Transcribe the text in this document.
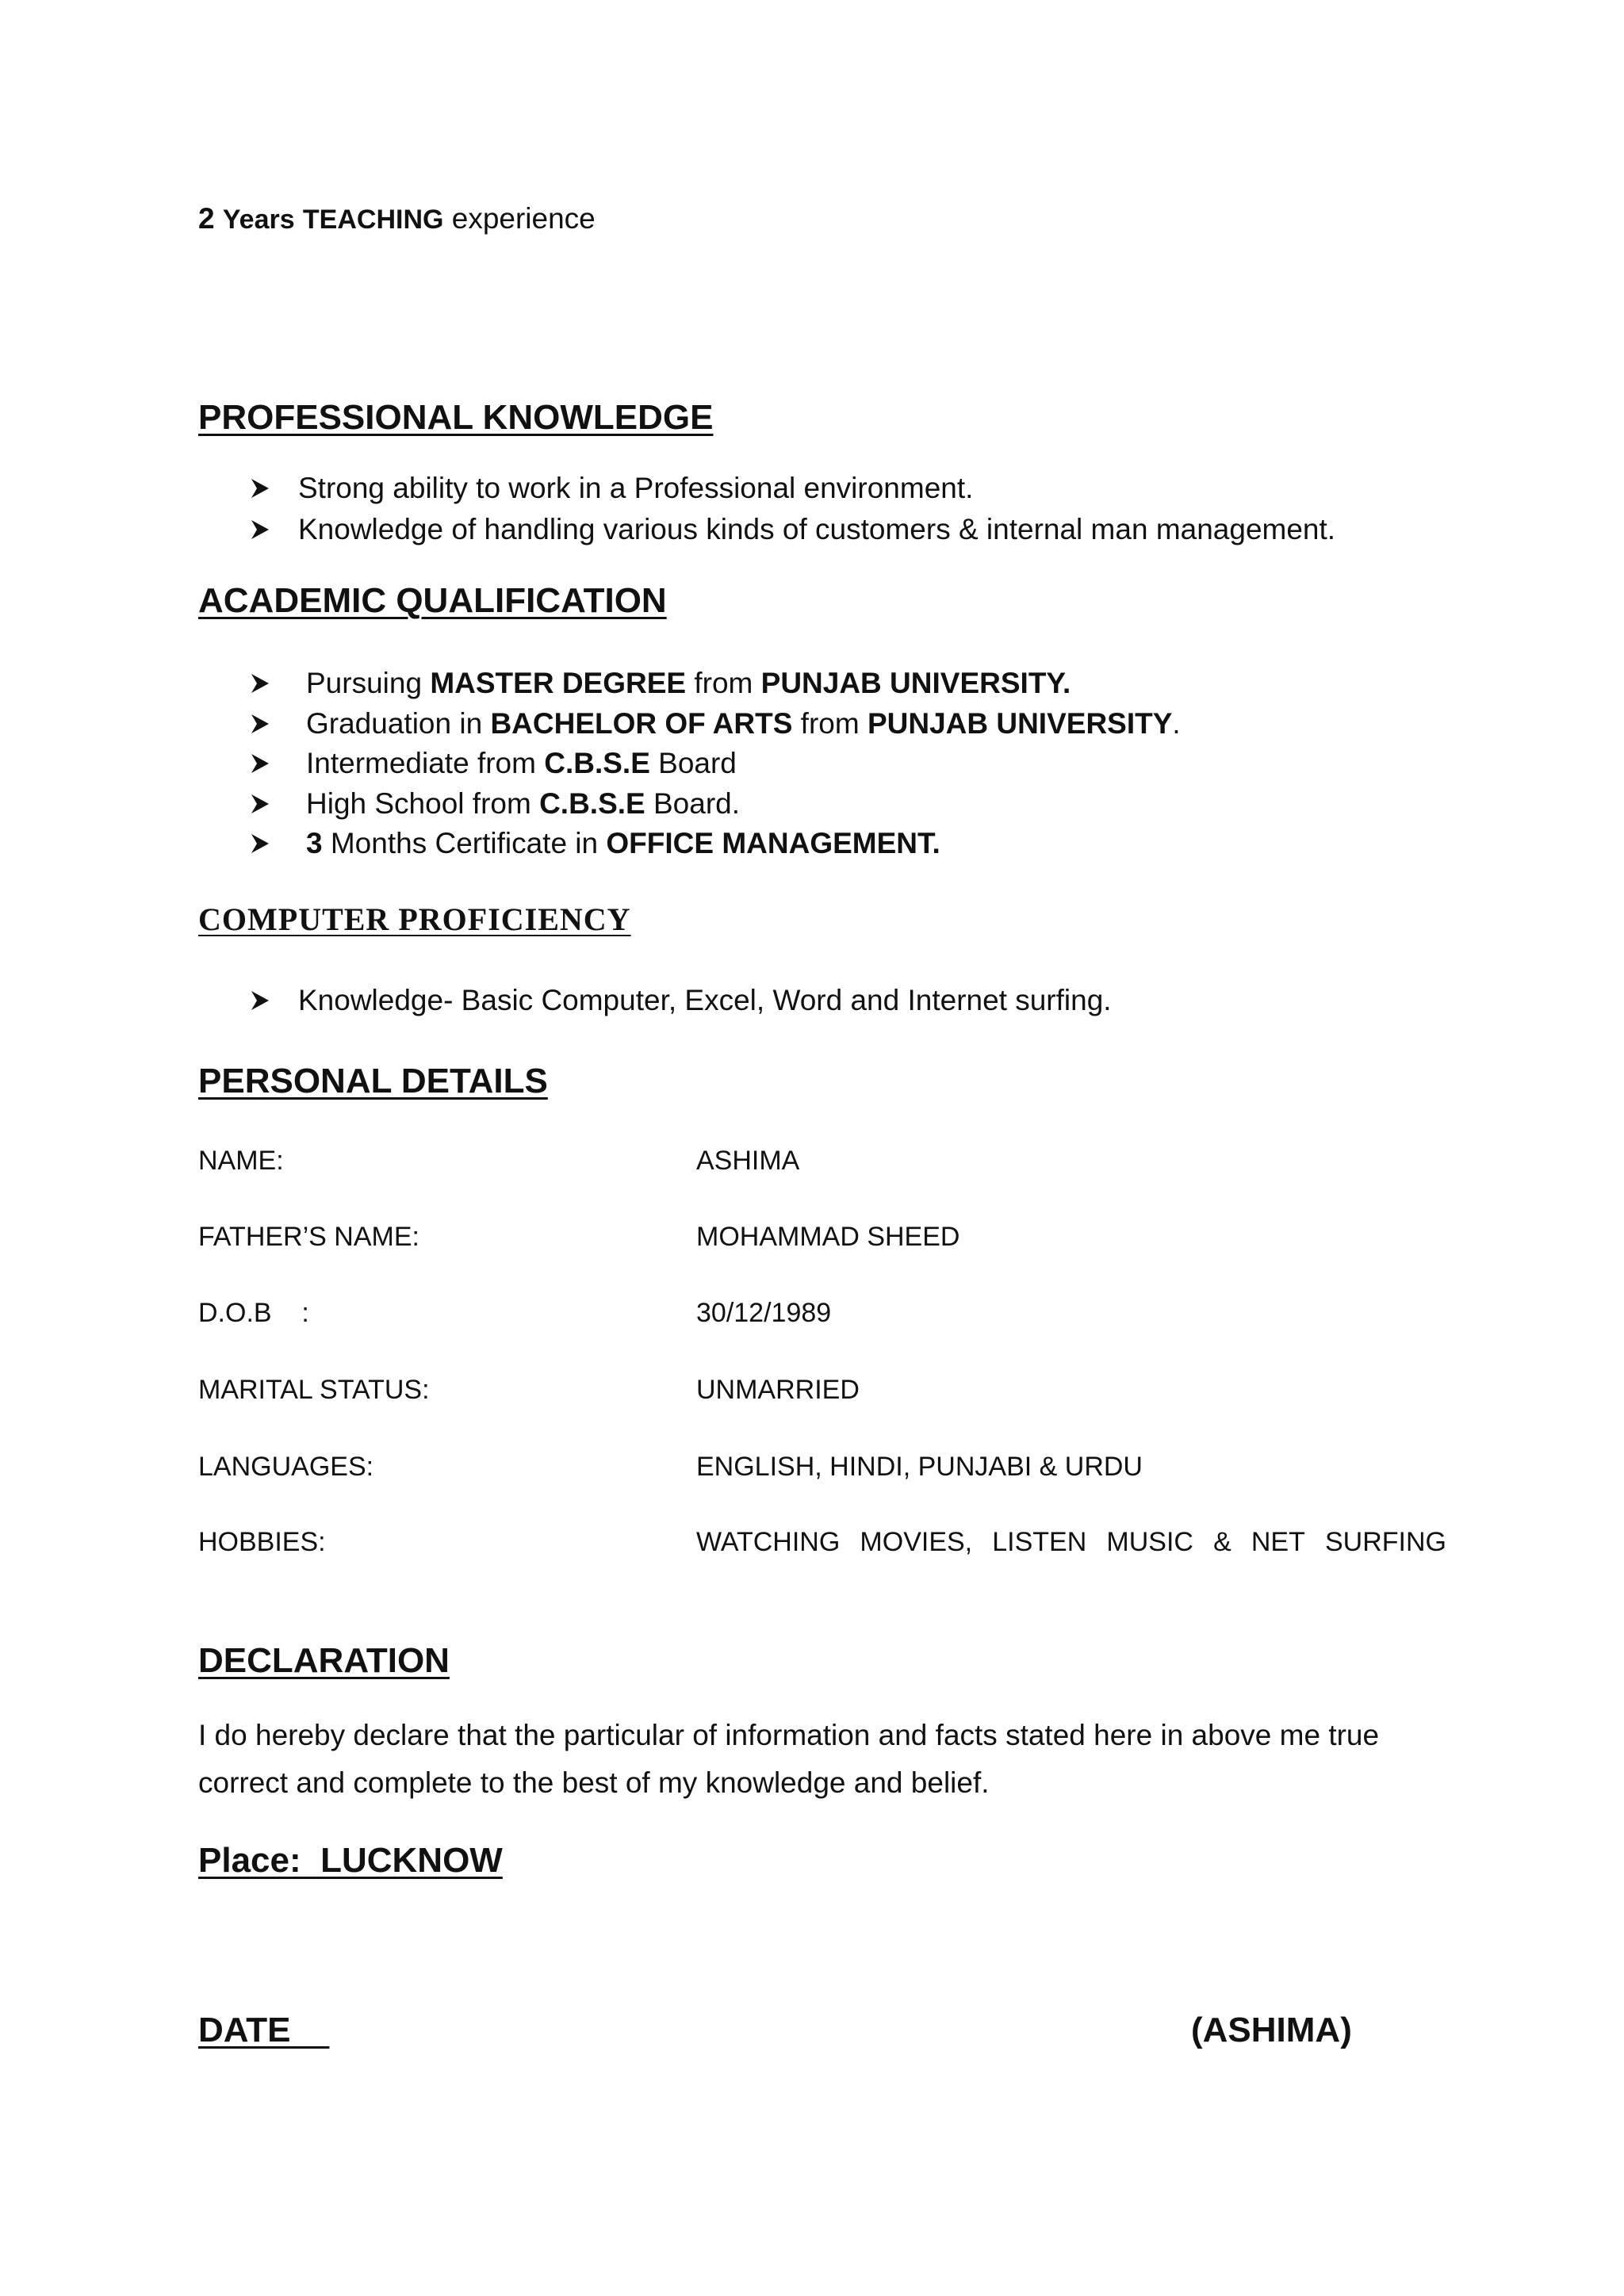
2 Years TEACHING experience
PROFESSIONAL KNOWLEDGE
Strong ability to work in a Professional environment.
Knowledge of handling various kinds of customers & internal man management.
ACADEMIC QUALIFICATION
Pursuing MASTER DEGREE from PUNJAB UNIVERSITY.
Graduation in BACHELOR OF ARTS from PUNJAB UNIVERSITY.
Intermediate from C.B.S.E Board
High School from C.B.S.E Board.
3 Months Certificate in OFFICE MANAGEMENT.
COMPUTER PROFICIENCY
Knowledge- Basic Computer, Excel, Word and Internet surfing.
PERSONAL DETAILS
NAME:	ASHIMA
FATHER’S NAME:	MOHAMMAD SHEED
D.O.B    :	30/12/1989
MARITAL STATUS:	UNMARRIED
LANGUAGES:	ENGLISH, HINDI, PUNJABI & URDU
HOBBIES:	WATCHING MOVIES, LISTEN MUSIC & NET SURFING
DECLARATION
I do hereby declare that the particular of information and facts stated here in above me true
correct and complete to the best of my knowledge and belief.
Place:  LUCKNOW
DATE	(ASHIMA)
